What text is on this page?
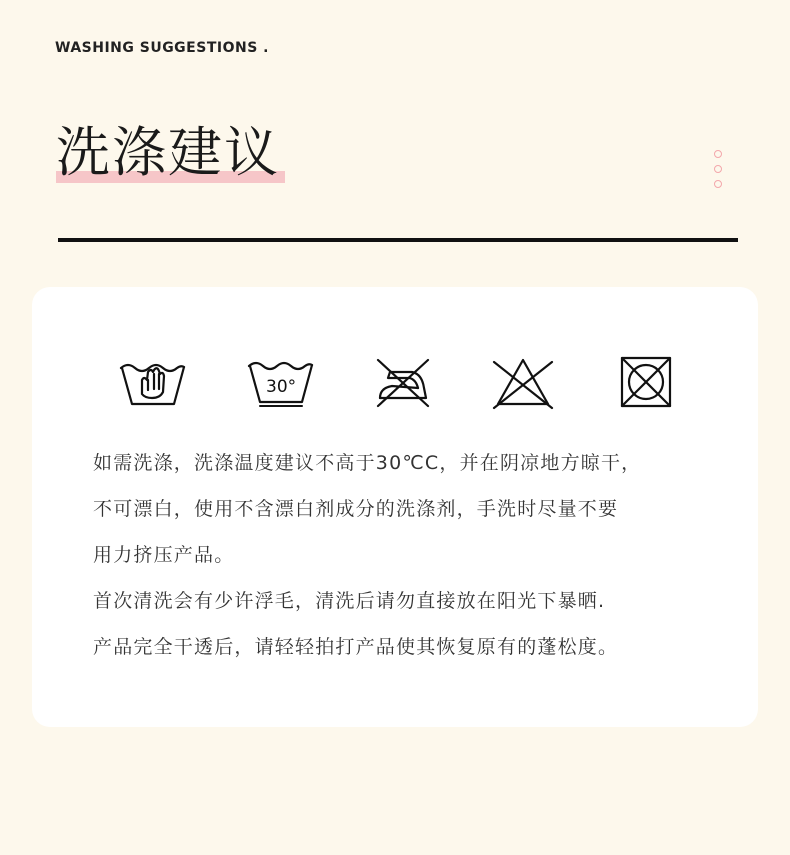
WASHING SUGGESTIONS .
洗涤建议
30°
如需洗涤，洗涤温度建议不高于30℃C，并在阴凉地方晾干，
不可漂白，使用不含漂白剂成分的洗涤剂，手洗时尽量不要
用力挤压产品。
首次清洗会有少许浮毛，清洗后请勿直接放在阳光下暴晒.
产品完全干透后，请轻轻拍打产品使其恢复原有的蓬松度。
